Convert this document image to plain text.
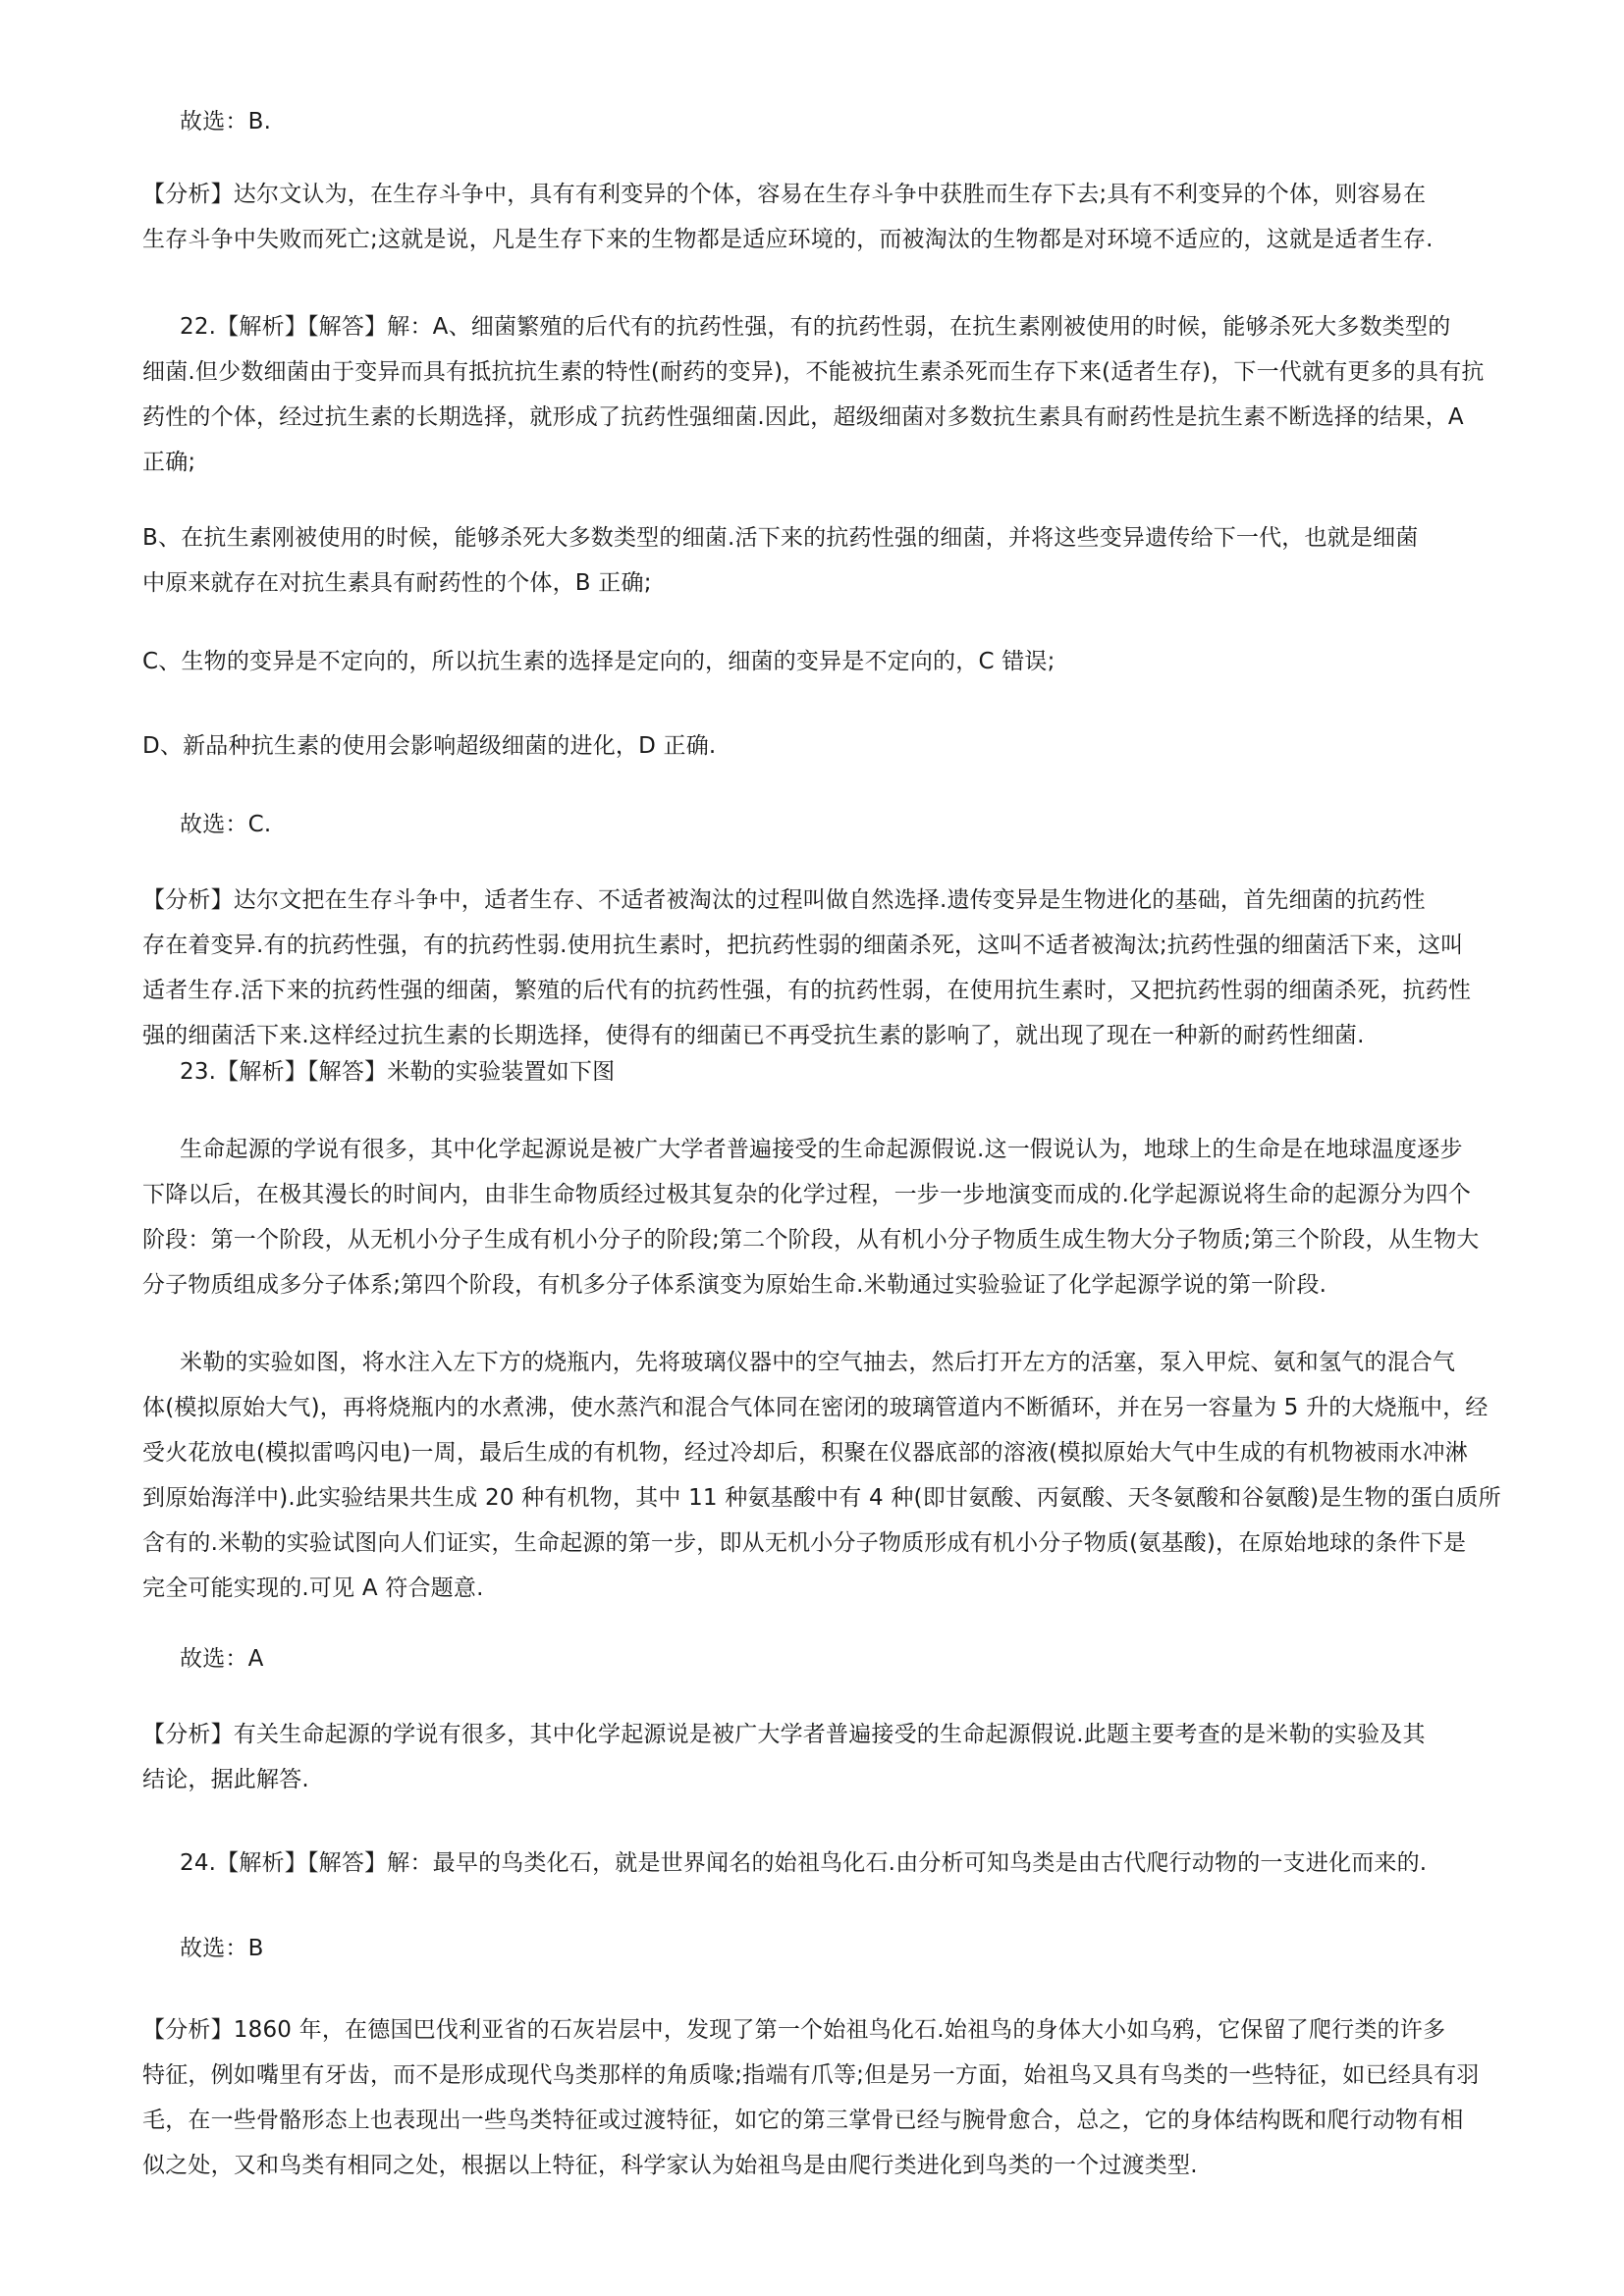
故选：B.
【分析】达尔文认为，在生存斗争中，具有有利变异的个体，容易在生存斗争中获胜而生存下去;具有不利变异的个体，则容易在
生存斗争中失败而死亡;这就是说，凡是生存下来的生物都是适应环境的，而被淘汰的生物都是对环境不适应的，这就是适者生存.
22.【解析】【解答】解：A、细菌繁殖的后代有的抗药性强，有的抗药性弱，在抗生素刚被使用的时候，能够杀死大多数类型的
细菌.但少数细菌由于变异而具有抵抗抗生素的特性(耐药的变异)，不能被抗生素杀死而生存下来(适者生存)，下一代就有更多的具有抗
药性的个体，经过抗生素的长期选择，就形成了抗药性强细菌.因此，超级细菌对多数抗生素具有耐药性是抗生素不断选择的结果，A
正确;
B、在抗生素刚被使用的时候，能够杀死大多数类型的细菌.活下来的抗药性强的细菌，并将这些变异遗传给下一代，也就是细菌
中原来就存在对抗生素具有耐药性的个体，B 正确;
C、生物的变异是不定向的，所以抗生素的选择是定向的，细菌的变异是不定向的，C 错误;
D、新品种抗生素的使用会影响超级细菌的进化，D 正确.
故选：C.
【分析】达尔文把在生存斗争中，适者生存、不适者被淘汰的过程叫做自然选择.遗传变异是生物进化的基础，首先细菌的抗药性
存在着变异.有的抗药性强，有的抗药性弱.使用抗生素时，把抗药性弱的细菌杀死，这叫不适者被淘汰;抗药性强的细菌活下来，这叫
适者生存.活下来的抗药性强的细菌，繁殖的后代有的抗药性强，有的抗药性弱，在使用抗生素时，又把抗药性弱的细菌杀死，抗药性
强的细菌活下来.这样经过抗生素的长期选择，使得有的细菌已不再受抗生素的影响了，就出现了现在一种新的耐药性细菌.
23.【解析】【解答】米勒的实验装置如下图
生命起源的学说有很多，其中化学起源说是被广大学者普遍接受的生命起源假说.这一假说认为，地球上的生命是在地球温度逐步
下降以后，在极其漫长的时间内，由非生命物质经过极其复杂的化学过程，一步一步地演变而成的.化学起源说将生命的起源分为四个
阶段：第一个阶段，从无机小分子生成有机小分子的阶段;第二个阶段，从有机小分子物质生成生物大分子物质;第三个阶段，从生物大
分子物质组成多分子体系;第四个阶段，有机多分子体系演变为原始生命.米勒通过实验验证了化学起源学说的第一阶段.
米勒的实验如图，将水注入左下方的烧瓶内，先将玻璃仪器中的空气抽去，然后打开左方的活塞，泵入甲烷、氨和氢气的混合气
体(模拟原始大气)，再将烧瓶内的水煮沸，使水蒸汽和混合气体同在密闭的玻璃管道内不断循环，并在另一容量为 5 升的大烧瓶中，经
受火花放电(模拟雷鸣闪电)一周，最后生成的有机物，经过冷却后，积聚在仪器底部的溶液(模拟原始大气中生成的有机物被雨水冲淋
到原始海洋中).此实验结果共生成 20 种有机物，其中 11 种氨基酸中有 4 种(即甘氨酸、丙氨酸、天冬氨酸和谷氨酸)是生物的蛋白质所
含有的.米勒的实验试图向人们证实，生命起源的第一步，即从无机小分子物质形成有机小分子物质(氨基酸)，在原始地球的条件下是
完全可能实现的.可见 A 符合题意.
故选：A
【分析】有关生命起源的学说有很多，其中化学起源说是被广大学者普遍接受的生命起源假说.此题主要考查的是米勒的实验及其
结论，据此解答.
24.【解析】【解答】解：最早的鸟类化石，就是世界闻名的始祖鸟化石.由分析可知鸟类是由古代爬行动物的一支进化而来的.
故选：B
【分析】1860 年，在德国巴伐利亚省的石灰岩层中，发现了第一个始祖鸟化石.始祖鸟的身体大小如乌鸦，它保留了爬行类的许多
特征，例如嘴里有牙齿，而不是形成现代鸟类那样的角质喙;指端有爪等;但是另一方面，始祖鸟又具有鸟类的一些特征，如已经具有羽
毛，在一些骨骼形态上也表现出一些鸟类特征或过渡特征，如它的第三掌骨已经与腕骨愈合，总之，它的身体结构既和爬行动物有相
似之处，又和鸟类有相同之处，根据以上特征，科学家认为始祖鸟是由爬行类进化到鸟类的一个过渡类型.
